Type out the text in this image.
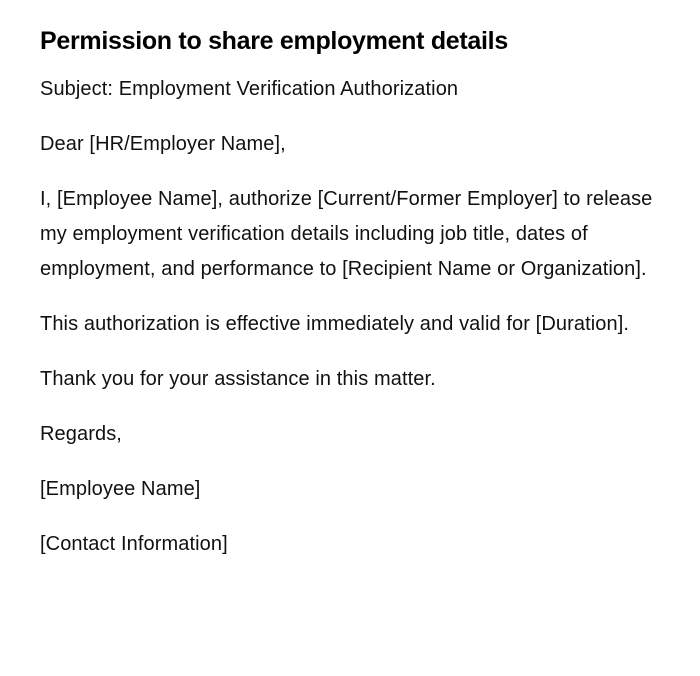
Permission to share employment details

Subject: Employment Verification Authorization

Dear [HR/Employer Name],

I, [Employee Name], authorize [Current/Former Employer] to release my employment verification details including job title, dates of employment, and performance to [Recipient Name or Organization].

This authorization is effective immediately and valid for [Duration].

Thank you for your assistance in this matter.

Regards,

[Employee Name]

[Contact Information]
